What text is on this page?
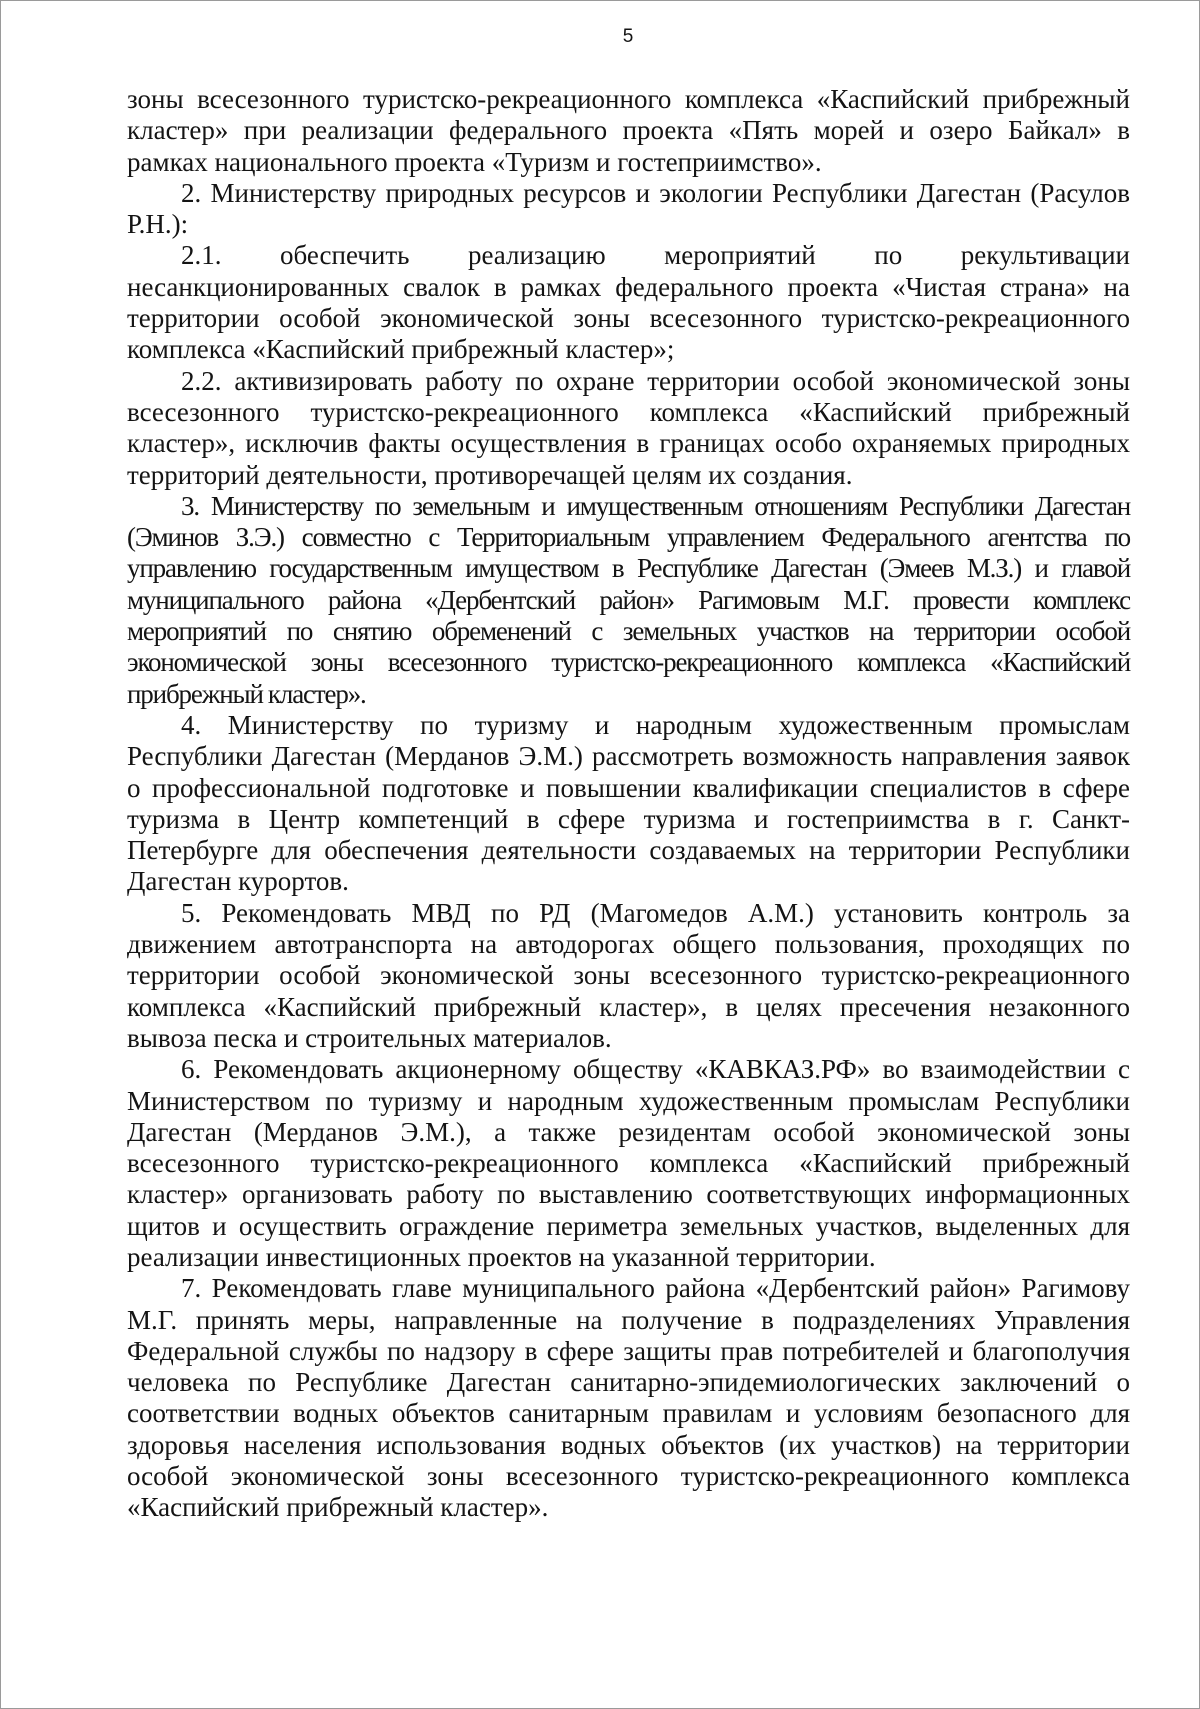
5

зоны всесезонного туристско-рекреационного комплекса «Каспийский прибрежный кластер» при реализации федерального проекта «Пять морей и озеро Байкал» в рамках национального проекта «Туризм и гостеприимство».

2. Министерству природных ресурсов и экологии Республики Дагестан (Расулов Р.Н.):

2.1. обеспечить реализацию мероприятий по рекультивации несанкционированных свалок в рамках федерального проекта «Чистая страна» на территории особой экономической зоны всесезонного туристско-рекреационного комплекса «Каспийский прибрежный кластер»;

2.2. активизировать работу по охране территории особой экономической зоны всесезонного туристско-рекреационного комплекса «Каспийский прибрежный кластер», исключив факты осуществления в границах особо охраняемых природных территорий деятельности, противоречащей целям их создания.

3. Министерству по земельным и имущественным отношениям Республики Дагестан (Эминов З.Э.) совместно с Территориальным управлением Федерального агентства по управлению государственным имуществом в Республике Дагестан (Эмеев М.З.) и главой муниципального района «Дербентский район» Рагимовым М.Г. провести комплекс мероприятий по снятию обременений с земельных участков на территории особой экономической зоны всесезонного туристско-рекреационного комплекса «Каспийский прибрежный кластер».

4. Министерству по туризму и народным художественным промыслам Республики Дагестан (Мерданов Э.М.) рассмотреть возможность направления заявок о профессиональной подготовке и повышении квалификации специалистов в сфере туризма в Центр компетенций в сфере туризма и гостеприимства в г. Санкт-Петербурге для обеспечения деятельности создаваемых на территории Республики Дагестан курортов.

5. Рекомендовать МВД по РД (Магомедов А.М.) установить контроль за движением автотранспорта на автодорогах общего пользования, проходящих по территории особой экономической зоны всесезонного туристско-рекреационного комплекса «Каспийский прибрежный кластер», в целях пресечения незаконного вывоза песка и строительных материалов.

6. Рекомендовать акционерному обществу «КАВКАЗ.РФ» во взаимодействии с Министерством по туризму и народным художественным промыслам Республики Дагестан (Мерданов Э.М.), а также резидентам особой экономической зоны всесезонного туристско-рекреационного комплекса «Каспийский прибрежный кластер» организовать работу по выставлению соответствующих информационных щитов и осуществить ограждение периметра земельных участков, выделенных для реализации инвестиционных проектов на указанной территории.

7. Рекомендовать главе муниципального района «Дербентский район» Рагимову М.Г. принять меры, направленные на получение в подразделениях Управления Федеральной службы по надзору в сфере защиты прав потребителей и благополучия человека по Республике Дагестан санитарно-эпидемиологических заключений о соответствии водных объектов санитарным правилам и условиям безопасного для здоровья населения использования водных объектов (их участков) на территории особой экономической зоны всесезонного туристско-рекреационного комплекса «Каспийский прибрежный кластер».
